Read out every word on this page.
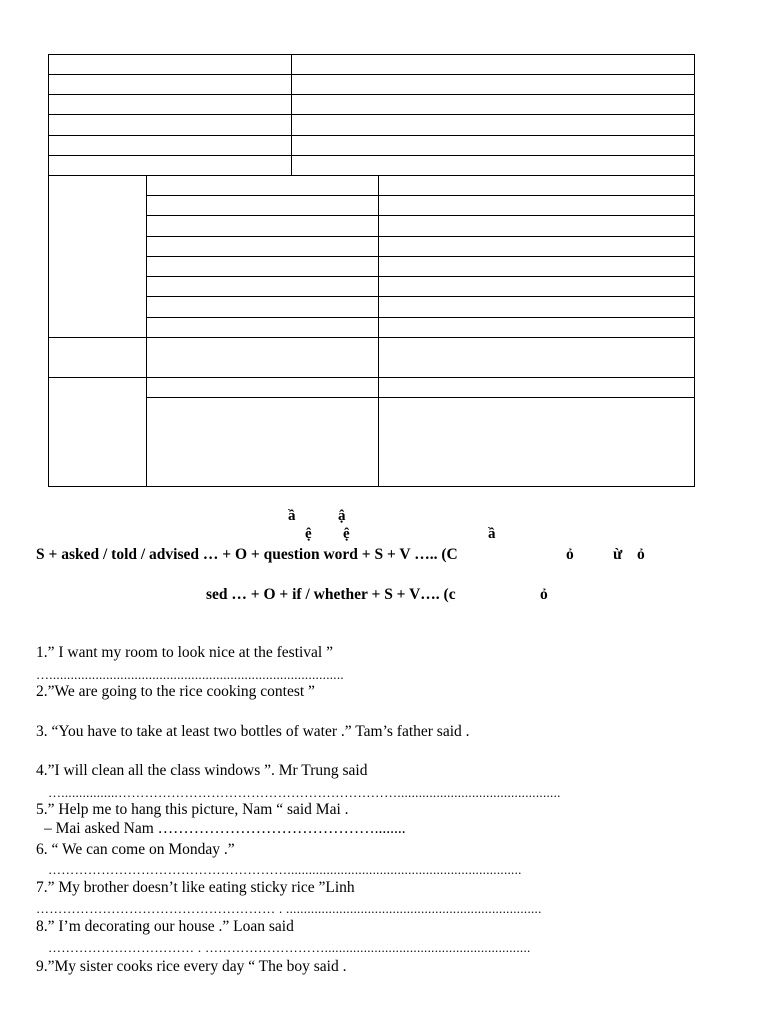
ầ	ậ
ệ ệ	ầ
S + asked / told / advised … + O + question word + S + V ….. (C	ỏ	ừ ỏ
sed … + O + if / whether + S + V…. (c	ỏ
1.” I want my room to look nice at the festival ”
…...................................................................................
2.”We are going to the rice cooking contest ”
3. “You have to take at least two bottles of water .” Tam’s father said .
4.”I will clean all the class windows ”. Mr Trung said
…................………………………………………………………..............................................
5.” Help me to hang this picture, Nam “ said Mai .
– Mai asked Nam ……………………………………........
6. “ We can come on Monday .”
………………………………………………..................................................................
7.” My brother doesn’t like eating sticky rice ”Linh
……………………………………………… . ........................................................................
8.” I’m decorating our house .” Loan said
…………………………… . ………………………..........................................................
9.”My sister cooks rice every day “ The boy said .
